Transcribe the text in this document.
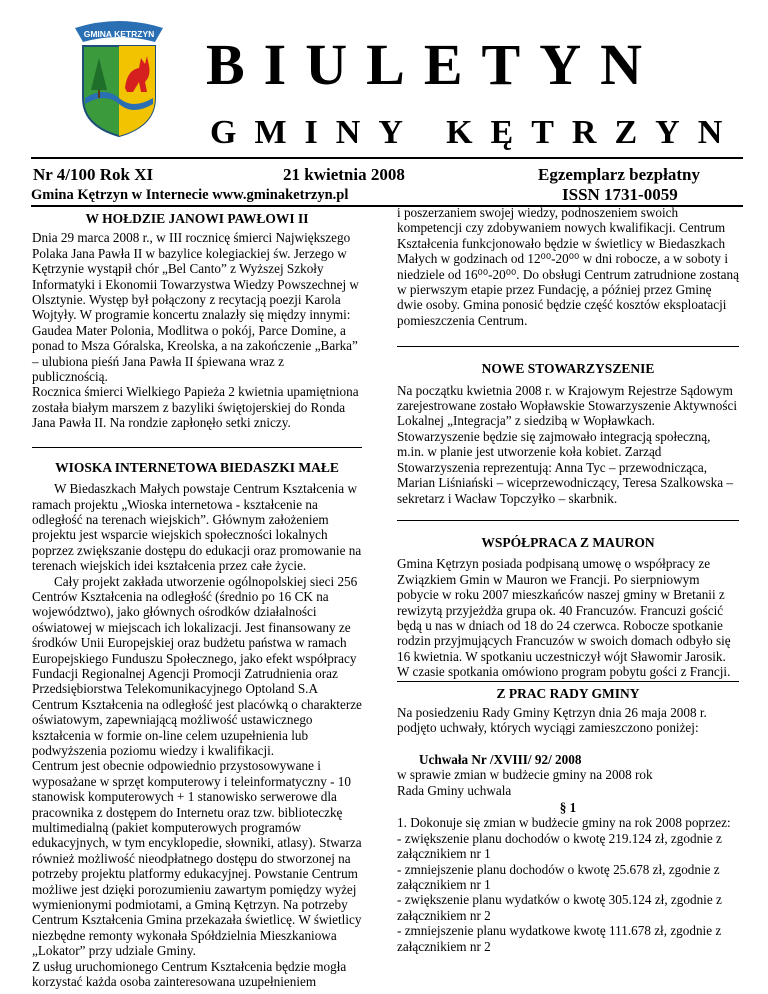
GMINA KĘTRZYN BIULETYN
GMINY KĘTRZYN
Nr 4/100 Rok XI	21 kwietnia 2008	Egzemplarz bezpłatny
Gmina Kętrzyn w Internecie www.gminaketrzyn.pl	ISSN 1731-0059

W HOŁDZIE JANOWI PAWŁOWI II

Dnia 29 marca 2008 r., w III rocznicę śmierci Największego Polaka Jana Pawła II w bazylice kolegiackiej św. Jerzego w Kętrzynie wystąpił chór „Bel Canto” z Wyższej Szkoły Informatyki i Ekonomii Towarzystwa Wiedzy Powszechnej w Olsztynie. Występ był połączony z recytacją poezji Karola Wojtyły. W programie koncertu znalazły się między innymi: Gaudea Mater Polonia, Modlitwa o pokój, Parce Domine, a ponad to Msza Góralska, Kreolska, a na zakończenie „Barka” – ulubiona pieśń Jana Pawła II śpiewana wraz z publicznością.

Rocznica śmierci Wielkiego Papieża 2 kwietnia upamiętniona została białym marszem z bazyliki świętojerskiej do Ronda Jana Pawła II. Na rondzie zapłonęło setki zniczy.

WIOSKA INTERNETOWA BIEDASZKI MAŁE

W Biedaszkach Małych powstaje Centrum Kształcenia w ramach projektu „Wioska internetowa - kształcenie na odległość na terenach wiejskich”. Głównym założeniem projektu jest wsparcie wiejskich społeczności lokalnych poprzez zwiększanie dostępu do edukacji oraz promowanie na terenach wiejskich idei kształcenia przez całe życie.

Cały projekt zakłada utworzenie ogólnopolskiej sieci 256 Centrów Kształcenia na odległość (średnio po 16 CK na województwo), jako głównych ośrodków działalności oświatowej w miejscach ich lokalizacji. Jest finansowany ze środków Unii Europejskiej oraz budżetu państwa w ramach Europejskiego Funduszu Społecznego, jako efekt współpracy Fundacji Regionalnej Agencji Promocji Zatrudnienia oraz Przedsiębiorstwa Telekomunikacyjnego Optoland S.A Centrum Kształcenia na odległość jest placówką o charakterze oświatowym, zapewniającą możliwość ustawicznego kształcenia w formie on-line celem uzupełnienia lub podwyższenia poziomu wiedzy i kwalifikacji.

Centrum jest obecnie odpowiednio przystosowywane i wyposażane w sprzęt komputerowy i teleinformatyczny - 10 stanowisk komputerowych + 1 stanowisko serwerowe dla pracownika z dostępem do Internetu oraz tzw. biblioteczkę multimedialną (pakiet komputerowych programów edukacyjnych, w tym encyklopedie, słowniki, atlasy). Stwarza również możliwość nieodpłatnego dostępu do stworzonej na potrzeby projektu platformy edukacyjnej. Powstanie Centrum możliwe jest dzięki porozumieniu zawartym pomiędzy wyżej wymienionymi podmiotami, a Gminą Kętrzyn. Na potrzeby Centrum Kształcenia Gmina przekazała świetlicę. W świetlicy niezbędne remonty wykonała Spółdzielnia Mieszkaniowa „Lokator” przy udziale Gminy.

Z usług uruchomionego Centrum Kształcenia będzie mogła korzystać każda osoba zainteresowana uzupełnieniem

i poszerzaniem swojej wiedzy, podnoszeniem swoich kompetencji czy zdobywaniem nowych kwalifikacji. Centrum Kształcenia funkcjonowało będzie w świetlicy w Biedaszkach Małych w godzinach od 12⁰⁰-20⁰⁰ w dni robocze, a w soboty i niedziele od 16⁰⁰-20⁰⁰. Do obsługi Centrum zatrudnione zostaną w pierwszym etapie przez Fundację, a później przez Gminę dwie osoby. Gmina ponosić będzie część kosztów eksploatacji pomieszczenia Centrum.

NOWE STOWARZYSZENIE

Na początku kwietnia 2008 r. w Krajowym Rejestrze Sądowym zarejestrowane zostało Wopławskie Stowarzyszenie Aktywności Lokalnej „Integracja” z siedzibą w Wopławkach. Stowarzyszenie będzie się zajmowało integracją społeczną, m.in. w planie jest utworzenie koła kobiet. Zarząd Stowarzyszenia reprezentują: Anna Tyc – przewodnicząca, Marian Liśniański – wiceprzewodniczący, Teresa Szalkowska – sekretarz i Wacław Topczyłko – skarbnik.

WSPÓŁPRACA Z MAURON

Gmina Kętrzyn posiada podpisaną umowę o współpracy ze Związkiem Gmin w Mauron we Francji. Po sierpniowym pobycie w roku 2007 mieszkańców naszej gminy w Bretanii z rewizytą przyjeżdża grupa ok. 40 Francuzów. Francuzi gościć będą u nas w dniach od 18 do 24 czerwca. Robocze spotkanie rodzin przyjmujących Francuzów w swoich domach odbyło się 16 kwietnia. W spotkaniu uczestniczył wójt Sławomir Jarosik. W czasie spotkania omówiono program pobytu gości z Francji.

Z PRAC RADY GMINY

Na posiedzeniu Rady Gminy Kętrzyn dnia 26 maja 2008 r. podjęto uchwały, których wyciągi zamieszczono poniżej:

Uchwała Nr /XVIII/ 92/ 2008

w sprawie zmian w budżecie gminy na 2008 rok

Rada Gminy uchwala

§ 1

1. Dokonuje się zmian w budżecie gminy na rok 2008 poprzez:

- zwiększenie planu dochodów o kwotę 219.124 zł, zgodnie z załącznikiem nr 1

- zmniejszenie planu dochodów o kwotę 25.678 zł, zgodnie z załącznikiem nr 1

- zwiększenie planu wydatków o kwotę 305.124 zł, zgodnie z załącznikiem nr 2

- zmniejszenie planu wydatkowe kwotę 111.678 zł, zgodnie z załącznikiem nr 2
